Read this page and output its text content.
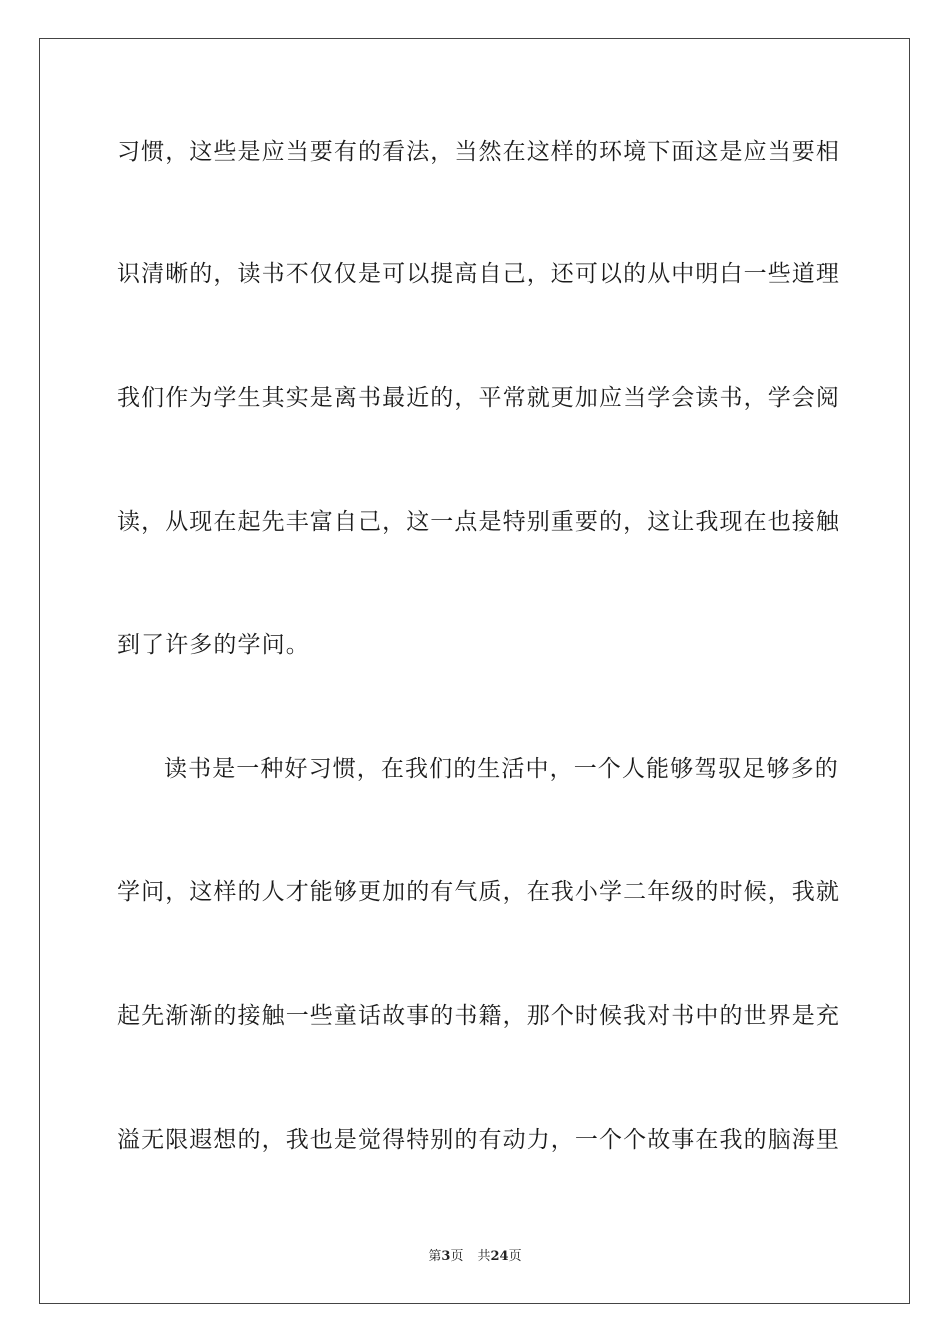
习惯，这些是应当要有的看法，当然在这样的环境下面这是应当要相
识清晰的，读书不仅仅是可以提高自己，还可以的从中明白一些道理
我们作为学生其实是离书最近的，平常就更加应当学会读书，学会阅
读，从现在起先丰富自己，这一点是特别重要的，这让我现在也接触
到了许多的学问。
读书是一种好习惯，在我们的生活中，一个人能够驾驭足够多的
学问，这样的人才能够更加的有气质，在我小学二年级的时候，我就
起先渐渐的接触一些童话故事的书籍，那个时候我对书中的世界是充
溢无限遐想的，我也是觉得特别的有动力，一个个故事在我的脑海里
第3页 共24页
